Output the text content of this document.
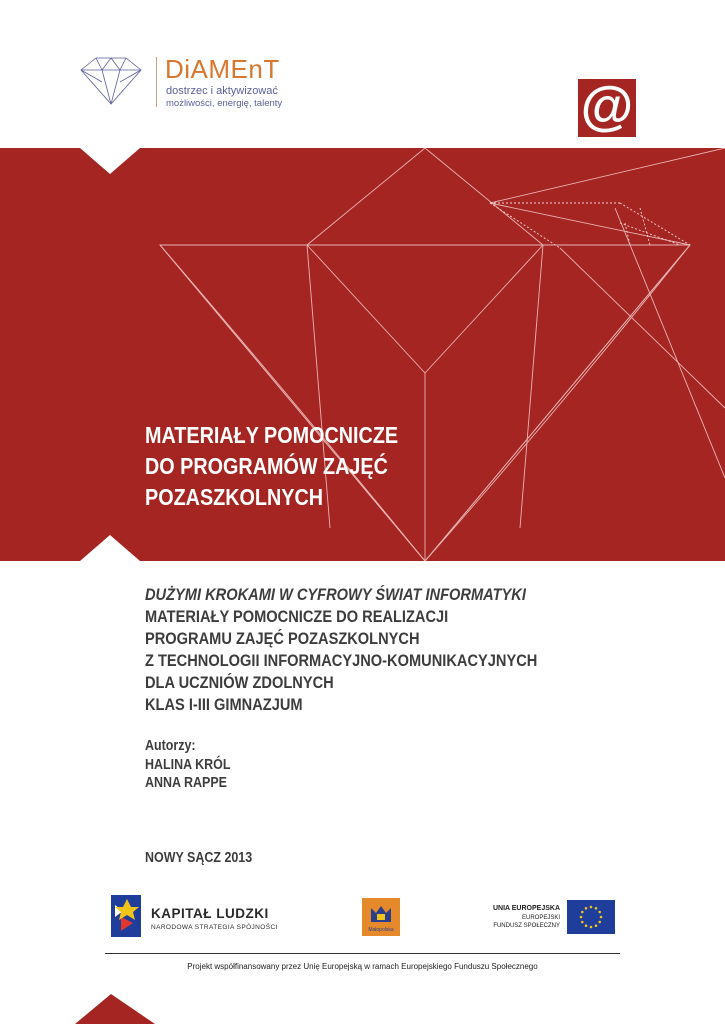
DiAMEnT
dostrzec i aktywizować
możliwości, energię, talenty	@
MATERIAŁY POMOCNICZE
DO PROGRAMÓW ZAJĘĆ
POZASZKOLNYCH
DUŻYMI KROKAMI W CYFROWY ŚWIAT INFORMATYKI
MATERIAŁY POMOCNICZE DO REALIZACJI
PROGRAMU ZAJĘĆ POZASZKOLNYCH
Z TECHNOLOGII INFORMACYJNO-KOMUNIKACYJNYCH
DLA UCZNIÓW ZDOLNYCH
KLAS I-III GIMNAZJUM
Autorzy:
HALINA KRÓL
ANNA RAPPE
NOWY SĄCZ 2013
KAPITAŁ LUDZKI
NARODOWA STRATEGIA SPÓJNOŚCI	Małopolska
UNIA EUROPEJSKA
EUROPEJSKI
FUNDUSZ SPOŁECZNY
Projekt współfinansowany przez Unię Europejską w ramach Europejskiego Funduszu Społecznego
